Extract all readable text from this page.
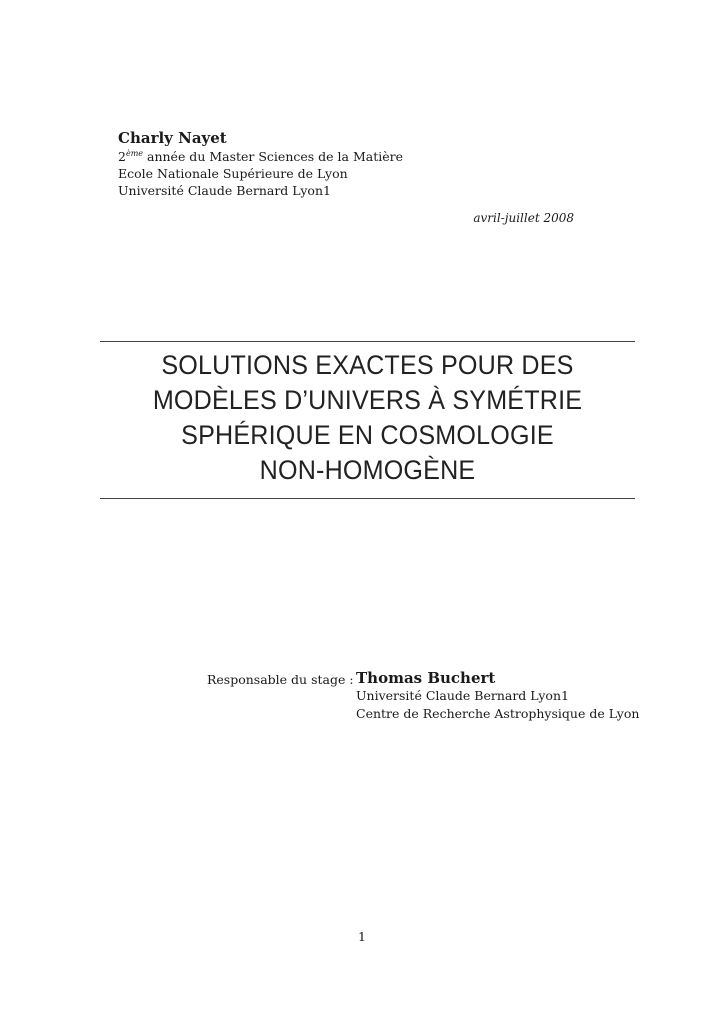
Charly Nayet

2ème année du Master Sciences de la Matière

Ecole Nationale Supérieure de Lyon

Université Claude Bernard Lyon1

avril-juillet 2008
SOLUTIONS EXACTES POUR DES
MODÈLES D’UNIVERS À SYMÉTRIE
SPHÉRIQUE EN COSMOLOGIE
NON-HOMOGÈNE
Responsable du stage : Thomas Buchert
Université Claude Bernard Lyon1
Centre de Recherche Astrophysique de Lyon
1
